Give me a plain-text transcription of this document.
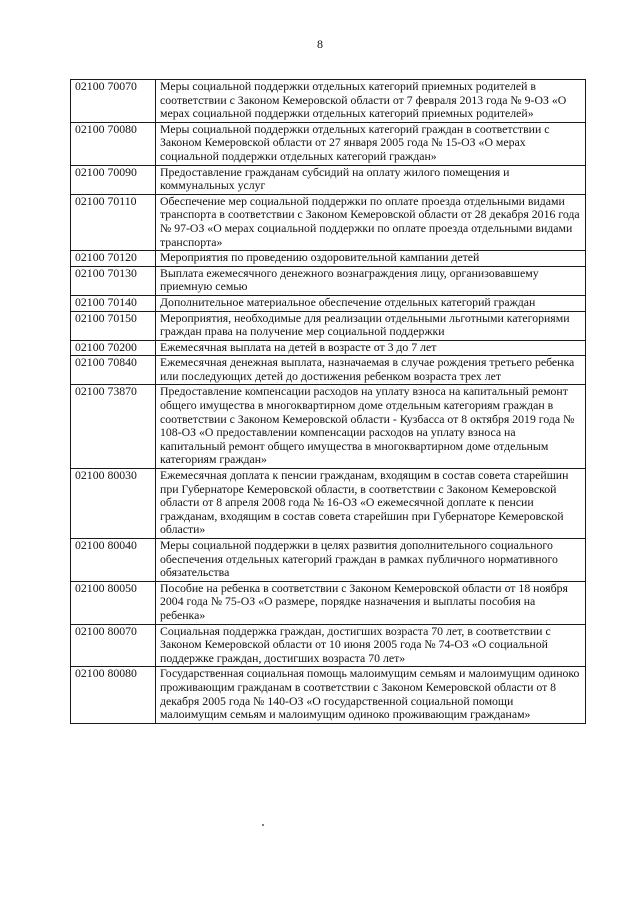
8
02100 70070	Меры социальной поддержки отдельных категорий приемных родителей в соответствии с Законом Кемеровской области от 7 февраля 2013 года № 9-ОЗ «О мерах социальной поддержки отдельных категорий приемных родителей»
02100 70080	Меры социальной поддержки отдельных категорий граждан в соответствии с Законом Кемеровской области от 27 января 2005 года № 15-ОЗ «О мерах социальной поддержки отдельных категорий граждан»
02100 70090	Предоставление гражданам субсидий на оплату жилого помещения и коммунальных услуг
02100 70110	Обеспечение мер социальной поддержки по оплате проезда отдельными видами транспорта в соответствии с Законом Кемеровской области от 28 декабря 2016 года № 97-ОЗ «О мерах социальной поддержки по оплате проезда отдельными видами транспорта»
02100 70120	Мероприятия по проведению оздоровительной кампании детей
02100 70130	Выплата ежемесячного денежного вознаграждения лицу, организовавшему приемную семью
02100 70140	Дополнительное материальное обеспечение отдельных категорий граждан
02100 70150	Мероприятия, необходимые для реализации отдельными льготными категориями граждан права на получение мер социальной поддержки
02100 70200	Ежемесячная выплата на детей в возрасте от 3 до 7 лет
02100 70840	Ежемесячная денежная выплата, назначаемая в случае рождения третьего ребенка или последующих детей до достижения ребенком возраста трех лет
02100 73870	Предоставление компенсации расходов на уплату взноса на капитальный ремонт общего имущества в многоквартирном доме отдельным категориям граждан в соответствии с Законом Кемеровской области - Кузбасса от 8 октября 2019 года № 108-ОЗ «О предоставлении компенсации расходов на уплату взноса на капитальный ремонт общего имущества в многоквартирном доме отдельным категориям граждан»
02100 80030	Ежемесячная доплата к пенсии гражданам, входящим в состав совета старейшин при Губернаторе Кемеровской области, в соответствии с Законом Кемеровской области от 8 апреля 2008 года № 16-ОЗ «О ежемесячной доплате к пенсии гражданам, входящим в состав совета старейшин при Губернаторе Кемеровской области»
02100 80040	Меры социальной поддержки в целях развития дополнительного социального обеспечения отдельных категорий граждан в рамках публичного нормативного обязательства
02100 80050	Пособие на ребенка в соответствии с Законом Кемеровской области от 18 ноября 2004 года № 75-ОЗ «О размере, порядке назначения и выплаты пособия на ребенка»
02100 80070	Социальная поддержка граждан, достигших возраста 70 лет, в соответствии с Законом Кемеровской области от 10 июня 2005 года № 74-ОЗ «О социальной поддержке граждан, достигших возраста 70 лет»
02100 80080	Государственная социальная помощь малоимущим семьям и малоимущим одиноко проживающим гражданам в соответствии с Законом Кемеровской области от 8 декабря 2005 года № 140-ОЗ «О государственной социальной помощи малоимущим семьям и малоимущим одиноко проживающим гражданам»
